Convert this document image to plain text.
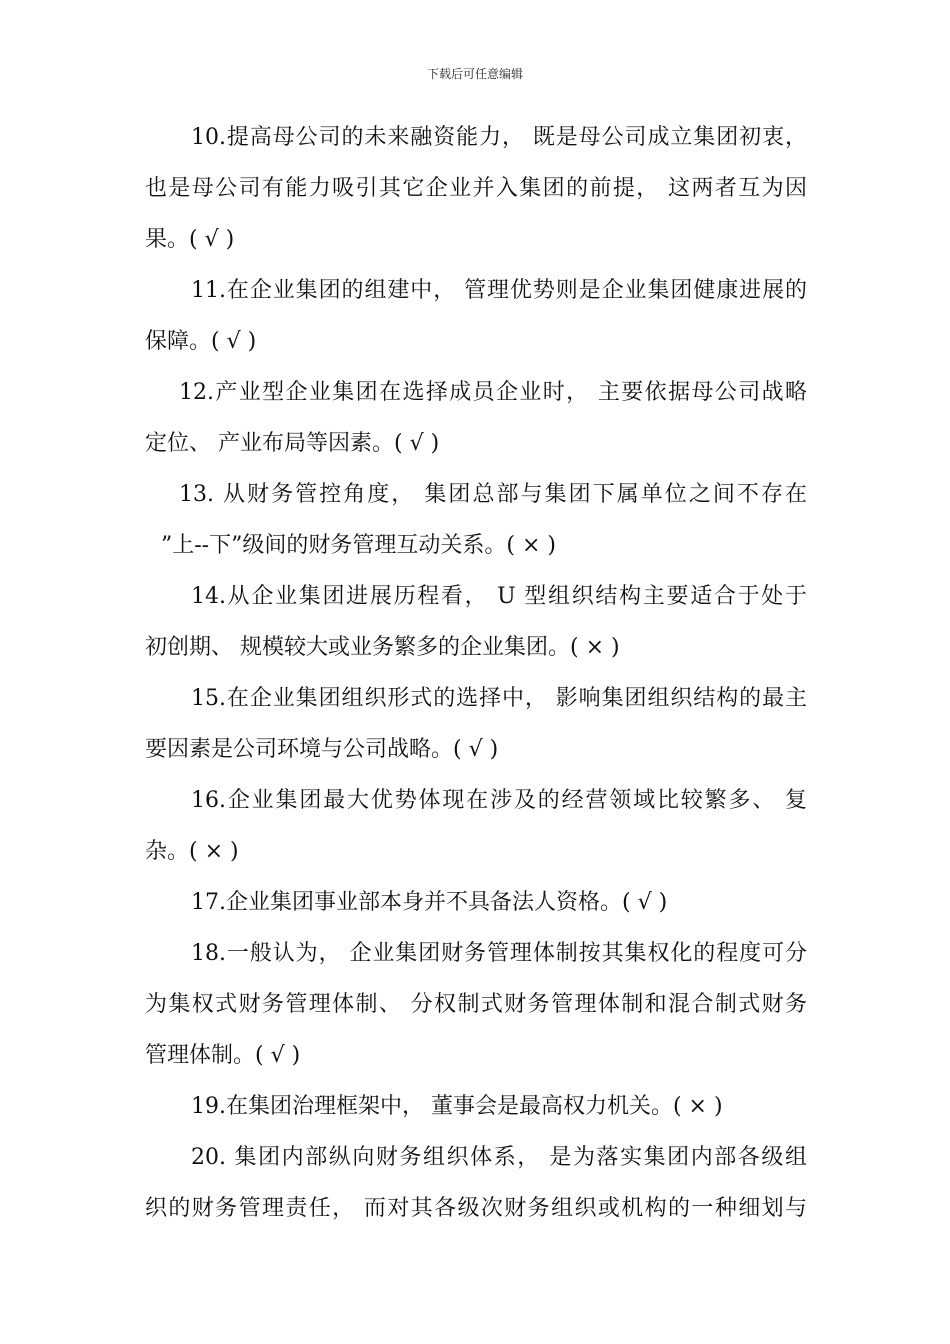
下载后可任意编辑
10.提高母公司的未来融资能力， 既是母公司成立集团初衷，
也是母公司有能力吸引其它企业并入集团的前提， 这两者互为因
果。( √ )
11.在企业集团的组建中， 管理优势则是企业集团健康进展的
保障。( √ )
12.产业型企业集团在选择成员企业时， 主要依据母公司战略
定位、 产业布局等因素。( √ )
13. 从财务管控角度， 集团总部与集团下属单位之间不存在
”上--下”级间的财务管理互动关系。( × )
14.从企业集团进展历程看， U 型组织结构主要适合于处于
初创期、 规模较大或业务繁多的企业集团。( × )
15.在企业集团组织形式的选择中， 影响集团组织结构的最主
要因素是公司环境与公司战略。( √ )
16.企业集团最大优势体现在涉及的经营领域比较繁多、 复
杂。( × )
17.企业集团事业部本身并不具备法人资格。( √ )
18.一般认为， 企业集团财务管理体制按其集权化的程度可分
为集权式财务管理体制、 分权制式财务管理体制和混合制式财务
管理体制。( √ )
19.在集团治理框架中， 董事会是最高权力机关。( × )
20. 集团内部纵向财务组织体系， 是为落实集团内部各级组
织的财务管理责任， 而对其各级次财务组织或机构的一种细划与
